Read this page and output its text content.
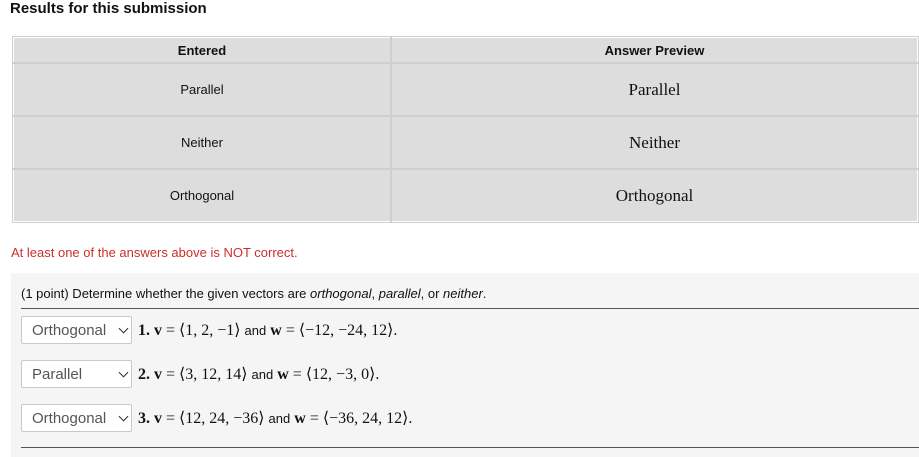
Results for this submission
Entered	Answer Preview
Parallel	Parallel
Neither	Neither
Orthogonal	Orthogonal
At least one of the answers above is NOT correct.
(1 point) Determine whether the given vectors are orthogonal, parallel, or neither.
Orthogonal 1. v = ⟨1, 2, −1⟩ and w = ⟨−12, −24, 12⟩.
Parallel	2. v = ⟨3, 12, 14⟩ and w = ⟨12, −3, 0⟩.
Orthogonal 3. v = ⟨12, 24, −36⟩ and w = ⟨−36, 24, 12⟩.
